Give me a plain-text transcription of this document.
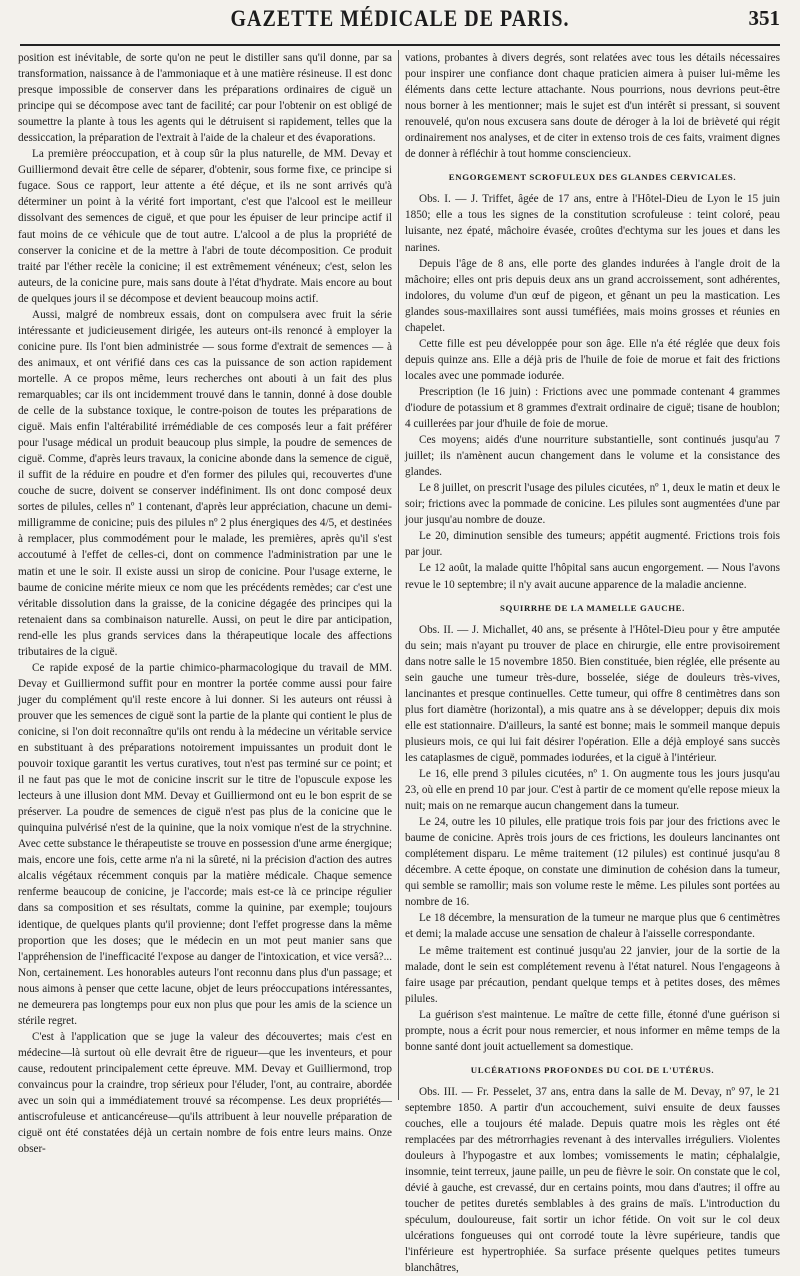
GAZETTE MÉDICALE DE PARIS.	351

position est inévitable, de sorte qu'on ne peut le distiller sans qu'il donne, par sa transformation, naissance à de l'ammoniaque et à une matière résineuse. Il est donc presque impossible de conserver dans les préparations ordinaires de ciguë un principe qui se décompose avec tant de facilité; car pour l'obtenir on est obligé de soumettre la plante à tous les agents qui le détruisent si rapidement, telles que la dessiccation, la préparation de l'extrait à l'aide de la chaleur et des évaporations.

La première préoccupation, et à coup sûr la plus naturelle, de MM. Devay et Guilliermond devait être celle de séparer, d'obtenir, sous forme fixe, ce principe si fugace. Sous ce rapport, leur attente a été déçue, et ils ne sont arrivés qu'à déterminer un point à la vérité fort important, c'est que l'alcool est le meilleur dissolvant des semences de ciguë, et que pour les épuiser de leur principe actif il faut moins de ce véhicule que de tout autre. L'alcool a de plus la propriété de conserver la conicine et de la mettre à l'abri de toute décomposition. Ce produit traité par l'éther recèle la conicine; il est extrêmement vénéneux; c'est, selon les auteurs, de la conicine pure, mais sans doute à l'état d'hydrate. Mais encore au bout de quelques jours il se décompose et devient beaucoup moins actif.

Aussi, malgré de nombreux essais, dont on compulsera avec fruit la série intéressante et judicieusement dirigée, les auteurs ont-ils renoncé à employer la conicine pure. Ils l'ont bien administrée — sous forme d'extrait de semences — à des animaux, et ont vérifié dans ces cas la puissance de son action rapidement mortelle. A ce propos même, leurs recherches ont abouti à un fait des plus remarquables; car ils ont incidemment trouvé dans le tannin, donné à dose double de celle de la substance toxique, le contre-poison de toutes les préparations de ciguë. Mais enfin l'altérabilité irrémédiable de ces composés leur a fait préférer pour l'usage médical un produit beaucoup plus simple, la poudre de semences de ciguë. Comme, d'après leurs travaux, la conicine abonde dans la semence de ciguë, il suffit de la réduire en poudre et d'en former des pilules qui, recouvertes d'une couche de sucre, doivent se conserver indéfiniment. Ils ont donc composé deux sortes de pilules, celles nº 1 contenant, d'après leur appréciation, chacune un demi-milligramme de conicine; puis des pilules nº 2 plus énergiques des 4/5, et destinées à remplacer, plus commodément pour le malade, les premières, après qu'il s'est accoutumé à l'effet de celles-ci, dont on commence l'administration par une le matin et une le soir. Il existe aussi un sirop de conicine. Pour l'usage externe, le baume de conicine mérite mieux ce nom que les précédents remèdes; car c'est une véritable dissolution dans la graisse, de la conicine dégagée des principes qui la retenaient dans sa combinaison naturelle. Aussi, on peut le dire par anticipation, rend-elle les plus grands services dans la thérapeutique locale des affections tributaires de la ciguë.

Ce rapide exposé de la partie chimico-pharmacologique du travail de MM. Devay et Guilliermond suffit pour en montrer la portée comme aussi pour faire juger du complément qu'il reste encore à lui donner. Si les auteurs ont réussi à prouver que les semences de ciguë sont la partie de la plante qui contient le plus de conicine, si l'on doit reconnaître qu'ils ont rendu à la médecine un véritable service en substituant à des préparations notoirement impuissantes un produit dont le pouvoir toxique garantit les vertus curatives, tout n'est pas terminé sur ce point; et il ne faut pas que le mot de conicine inscrit sur le titre de l'opuscule expose les lecteurs à une illusion dont MM. Devay et Guilliermond ont eu le bon esprit de se préserver. La poudre de semences de ciguë n'est pas plus de la conicine que le quinquina pulvérisé n'est de la quinine, que la noix vomique n'est de la strychnine. Avec cette substance le thérapeutiste se trouve en possession d'une arme énergique; mais, encore une fois, cette arme n'a ni la sûreté, ni la précision d'action des autres alcalis végétaux récemment conquis par la matière médicale. Chaque semence renferme beaucoup de conicine, je l'accorde; mais est-ce là ce principe régulier dans sa composition et ses résultats, comme la quinine, par exemple; toujours identique, de quelques plants qu'il provienne; dont l'effet progresse dans la même proportion que les doses; que le médecin en un mot peut manier sans que l'appréhension de l'inefficacité l'expose au danger de l'intoxication, et vice versâ?... Non, certainement. Les honorables auteurs l'ont reconnu dans plus d'un passage; et nous aimons à penser que cette lacune, objet de leurs préoccupations intéressantes, ne demeurera pas longtemps pour eux non plus que pour les amis de la science un stérile regret.

C'est à l'application que se juge la valeur des découvertes; mais c'est en médecine—là surtout où elle devrait être de rigueur—que les inventeurs, et pour cause, redoutent principalement cette épreuve. MM. Devay et Guilliermond, trop convaincus pour la craindre, trop sérieux pour l'éluder, l'ont, au contraire, abordée avec un soin qui a immédiatement trouvé sa récompense. Les deux propriétés—antiscrofuleuse et anticancéreuse—qu'ils attribuent à leur nouvelle préparation de ciguë ont été constatées déjà un certain nombre de fois entre leurs mains. Onze obser-

vations, probantes à divers degrés, sont relatées avec tous les détails nécessaires pour inspirer une confiance dont chaque praticien aimera à puiser lui-même les éléments dans cette lecture attachante. Nous pourrions, nous devrions peut-être nous borner à les mentionner; mais le sujet est d'un intérêt si pressant, si souvent renouvelé, qu'on nous excusera sans doute de déroger à la loi de brièveté qui régit ordinairement nos analyses, et de citer in extenso trois de ces faits, vraiment dignes de donner à réfléchir à tout homme consciencieux.

ENGORGEMENT SCROFULEUX DES GLANDES CERVICALES.

Obs. I. — J. Triffet, âgée de 17 ans, entre à l'Hôtel-Dieu de Lyon le 15 juin 1850; elle a tous les signes de la constitution scrofuleuse : teint coloré, peau luisante, nez épaté, mâchoire évasée, croûtes d'echtyma sur les joues et dans les narines.

Depuis l'âge de 8 ans, elle porte des glandes indurées à l'angle droit de la mâchoire; elles ont pris depuis deux ans un grand accroissement, sont adhérentes, indolores, du volume d'un œuf de pigeon, et gênant un peu la mastication. Les glandes sous-maxillaires sont aussi tuméfiées, mais moins grosses et réunies en chapelet.

Cette fille est peu développée pour son âge. Elle n'a été réglée que deux fois depuis quinze ans. Elle a déjà pris de l'huile de foie de morue et fait des frictions locales avec une pommade iodurée.

Prescription (le 16 juin) : Frictions avec une pommade contenant 4 grammes d'iodure de potassium et 8 grammes d'extrait ordinaire de ciguë; tisane de houblon; 4 cuillerées par jour d'huile de foie de morue.

Ces moyens; aidés d'une nourriture substantielle, sont continués jusqu'au 7 juillet; ils n'amènent aucun changement dans le volume et la consistance des glandes.

Le 8 juillet, on prescrit l'usage des pilules cicutées, nº 1, deux le matin et deux le soir; frictions avec la pommade de conicine. Les pilules sont augmentées d'une par jour jusqu'au nombre de douze.

Le 20, diminution sensible des tumeurs; appétit augmenté. Frictions trois fois par jour.

Le 12 août, la malade quitte l'hôpital sans aucun engorgement. — Nous l'avons revue le 10 septembre; il n'y avait aucune apparence de la maladie ancienne.

SQUIRRHE DE LA MAMELLE GAUCHE.

Obs. II. — J. Michallet, 40 ans, se présente à l'Hôtel-Dieu pour y être amputée du sein; mais n'ayant pu trouver de place en chirurgie, elle entre provisoirement dans notre salle le 15 novembre 1850. Bien constituée, bien réglée, elle présente au sein gauche une tumeur très-dure, bosselée, siége de douleurs très-vives, lancinantes et presque continuelles. Cette tumeur, qui offre 8 centimètres dans son plus fort diamètre (horizontal), a mis quatre ans à se développer; depuis dix mois elle est stationnaire. D'ailleurs, la santé est bonne; mais le sommeil manque depuis plusieurs mois, ce qui lui fait désirer l'opération. Elle a déjà employé sans succès les cataplasmes de ciguë, pommades iodurées, et la ciguë à l'intérieur.

Le 16, elle prend 3 pilules cicutées, nº 1. On augmente tous les jours jusqu'au 23, où elle en prend 10 par jour. C'est à partir de ce moment qu'elle repose mieux la nuit; mais on ne remarque aucun changement dans la tumeur.

Le 24, outre les 10 pilules, elle pratique trois fois par jour des frictions avec le baume de conicine. Après trois jours de ces frictions, les douleurs lancinantes ont complétement disparu. Le même traitement (12 pilules) est continué jusqu'au 8 décembre. A cette époque, on constate une diminution de cohésion dans la tumeur, qui semble se ramollir; mais son volume reste le même. Les pilules sont portées au nombre de 16.

Le 18 décembre, la mensuration de la tumeur ne marque plus que 6 centimètres et demi; la malade accuse une sensation de chaleur à l'aisselle correspondante.

Le même traitement est continué jusqu'au 22 janvier, jour de la sortie de la malade, dont le sein est complétement revenu à l'état naturel. Nous l'engageons à faire usage par précaution, pendant quelque temps et à petites doses, des mêmes pilules.

La guérison s'est maintenue. Le maître de cette fille, étonné d'une guérison si prompte, nous a écrit pour nous remercier, et nous informer en même temps de la bonne santé dont jouit actuellement sa domestique.

ULCÉRATIONS PROFONDES DU COL DE L'UTÉRUS.

Obs. III. — Fr. Pesselet, 37 ans, entra dans la salle de M. Devay, nº 97, le 21 septembre 1850. A partir d'un accouchement, suivi ensuite de deux fausses couches, elle a toujours été malade. Depuis quatre mois les règles ont été remplacées par des métrorrhagies revenant à des intervalles irréguliers. Violentes douleurs à l'hypogastre et aux lombes; vomissements le matin; céphalalgie, insomnie, teint terreux, jaune paille, un peu de fièvre le soir. On constate que le col, dévié à gauche, est crevassé, dur en certains points, mou dans d'autres; il offre au toucher de petites duretés semblables à des grains de maïs. L'introduction du spéculum, douloureuse, fait sortir un ichor fétide. On voit sur le col deux ulcérations fongueuses qui ont corrodé toute la lèvre supérieure, tandis que l'inférieure est hypertrophiée. Sa surface présente quelques petites tumeurs blanchâtres,
